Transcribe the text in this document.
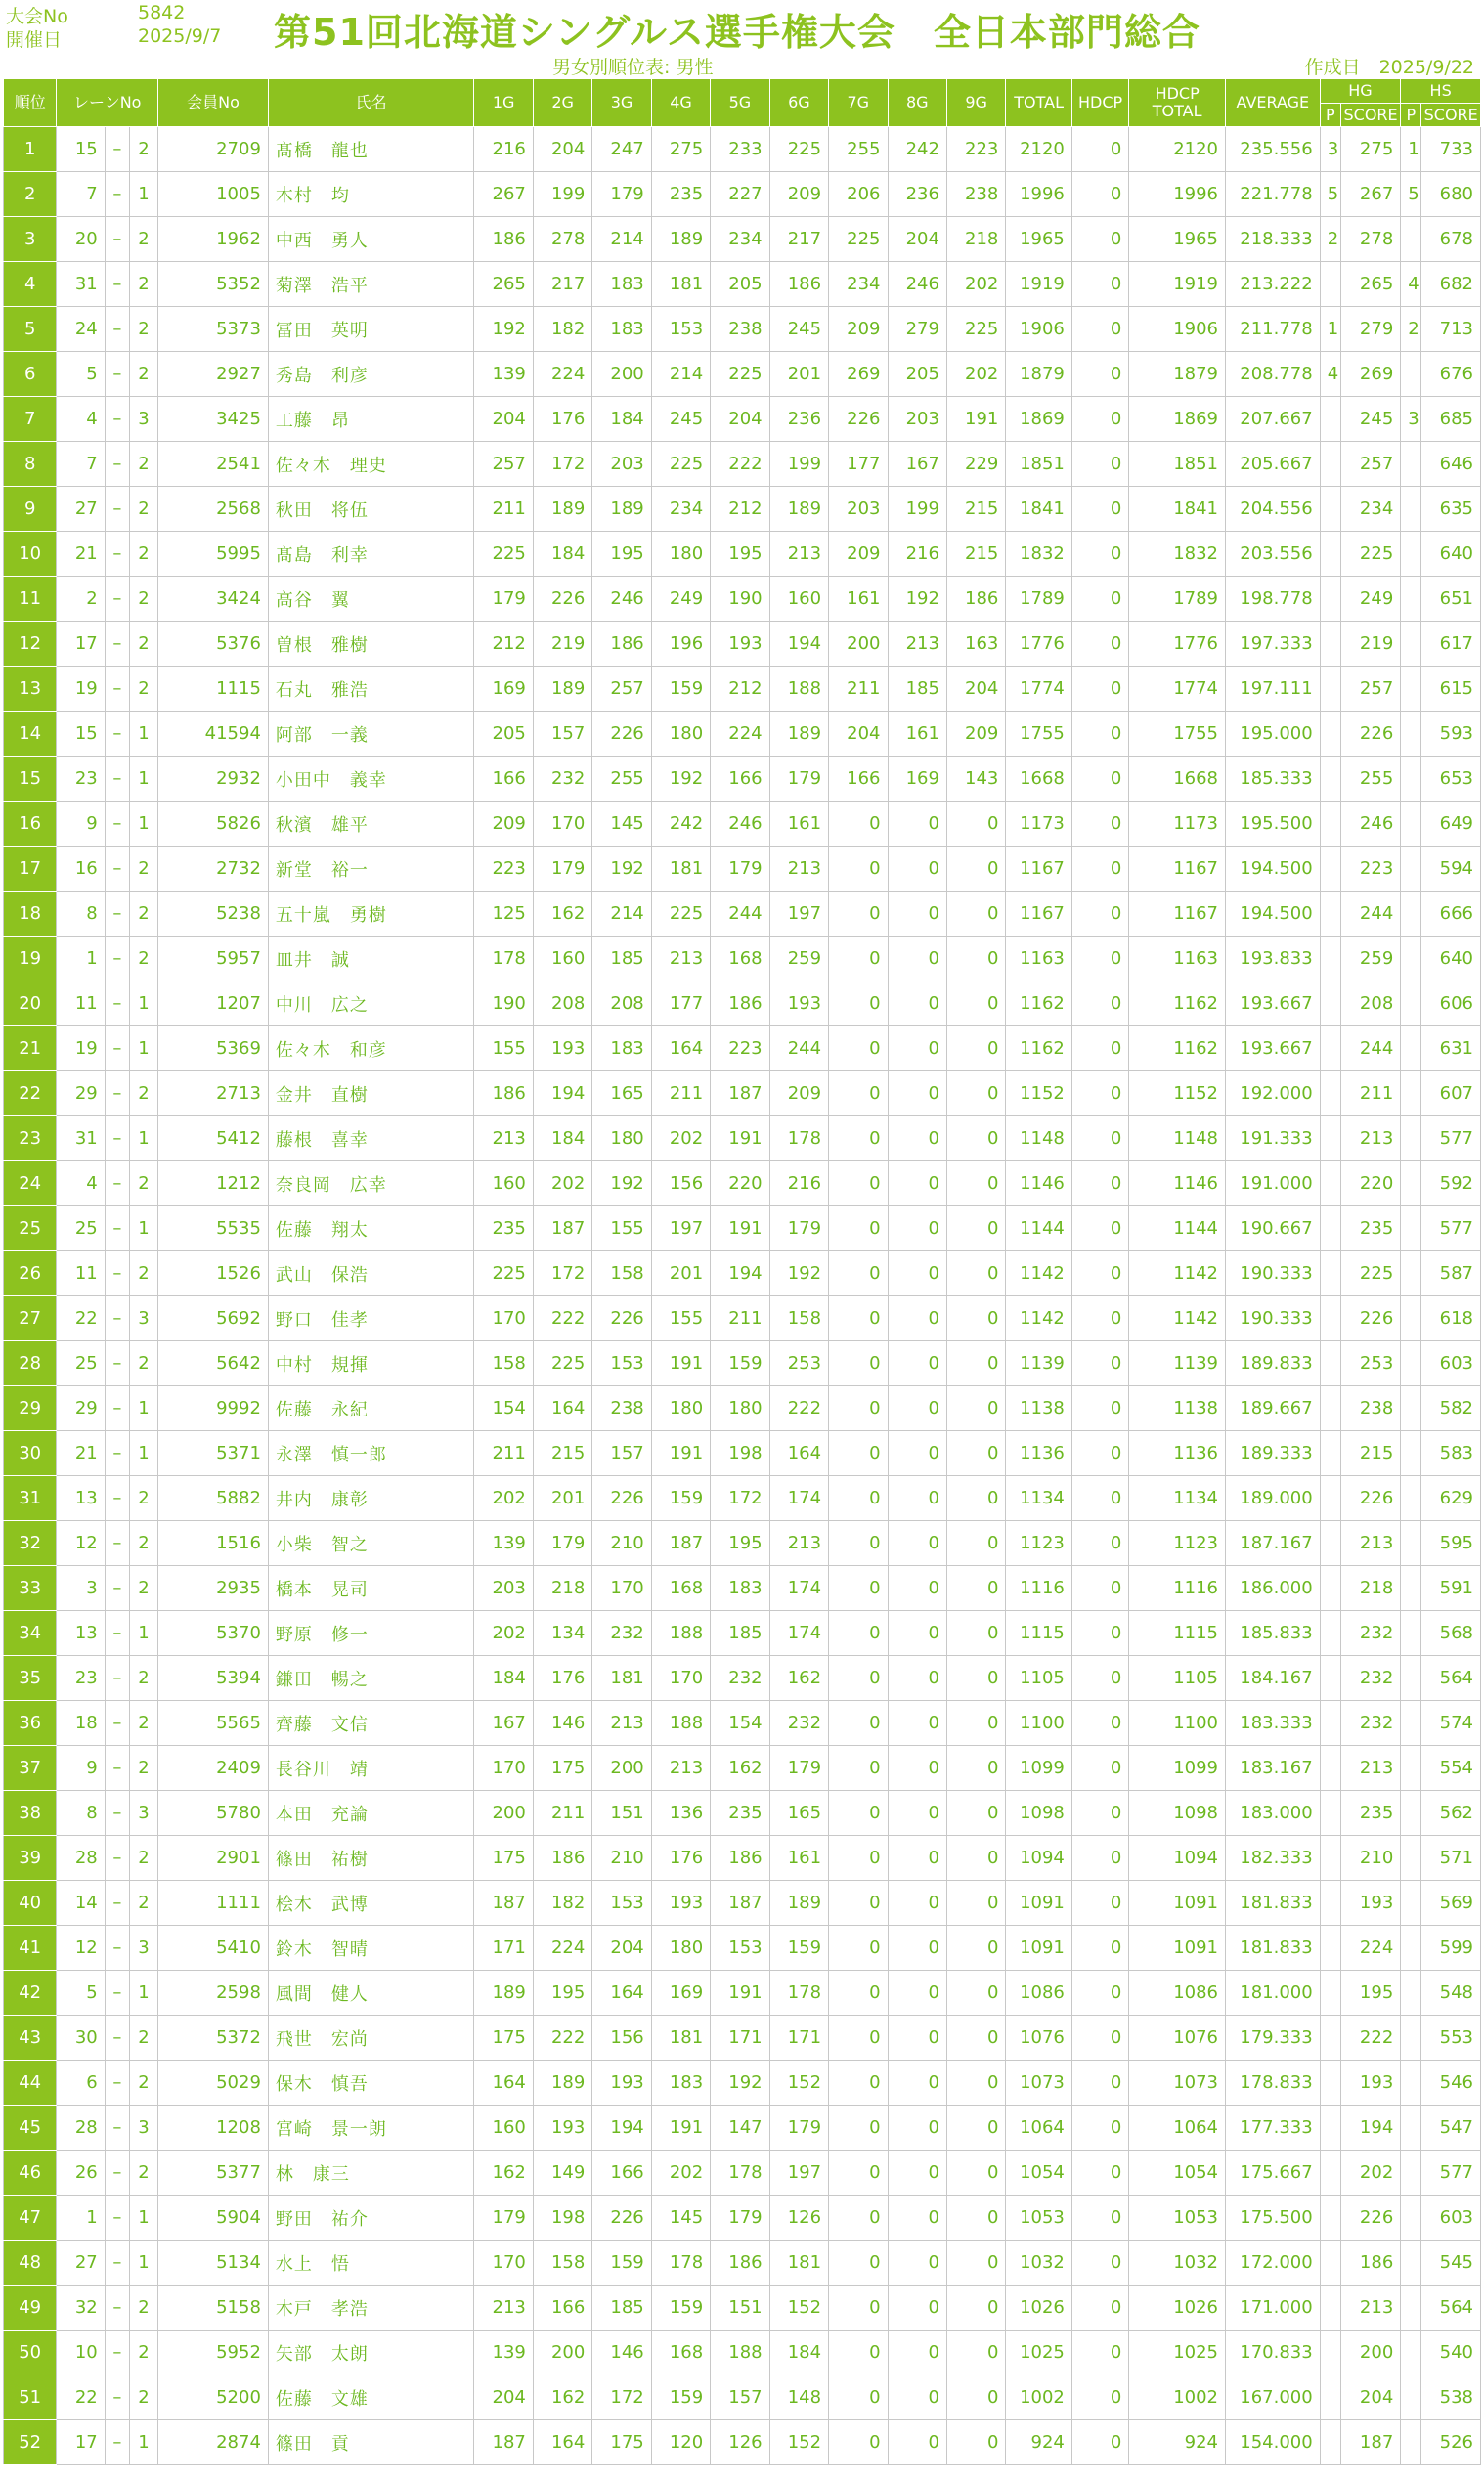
大会No	5842
開催日	2025/9/7 第51回北海道シングルス選手権大会　全日本部門総合
男女別順位表: 男性	作成日　2025/9/22
順位	レーンNo			会員No	氏名	1G	2G	3G	4G	5G	6G	7G	8G	9G	TOTAL	HDCP	HDCP
TOTAL	AVERAGE	HG		HS	
																			P	SCORE	P	SCORE
1	15	–	2	2709	髙橋　龍也	216	204	247	275	233	225	255	242	223	2120	0	2120	235.556	3	275	1	733
2	7	–	1	1005	木村　均	267	199	179	235	227	209	206	236	238	1996	0	1996	221.778	5	267	5	680
3	20	–	2	1962	中西　勇人	186	278	214	189	234	217	225	204	218	1965	0	1965	218.333	2	278		678
4	31	–	2	5352	菊澤　浩平	265	217	183	181	205	186	234	246	202	1919	0	1919	213.222		265	4	682
5	24	–	2	5373	冨田　英明	192	182	183	153	238	245	209	279	225	1906	0	1906	211.778	1	279	2	713
6	5	–	2	2927	秀島　利彦	139	224	200	214	225	201	269	205	202	1879	0	1879	208.778	4	269		676
7	4	–	3	3425	工藤　昂	204	176	184	245	204	236	226	203	191	1869	0	1869	207.667		245	3	685
8	7	–	2	2541	佐々木　理史	257	172	203	225	222	199	177	167	229	1851	0	1851	205.667		257		646
9	27	–	2	2568	秋田　将伍	211	189	189	234	212	189	203	199	215	1841	0	1841	204.556		234		635
10	21	–	2	5995	髙島　利幸	225	184	195	180	195	213	209	216	215	1832	0	1832	203.556		225		640
11	2	–	2	3424	高谷　翼	179	226	246	249	190	160	161	192	186	1789	0	1789	198.778		249		651
12	17	–	2	5376	曽根　雅樹	212	219	186	196	193	194	200	213	163	1776	0	1776	197.333		219		617
13	19	–	2	1115	石丸　雅浩	169	189	257	159	212	188	211	185	204	1774	0	1774	197.111		257		615
14	15	–	1	41594	阿部　一義	205	157	226	180	224	189	204	161	209	1755	0	1755	195.000		226		593
15	23	–	1	2932	小田中　義幸	166	232	255	192	166	179	166	169	143	1668	0	1668	185.333		255		653
16	9	–	1	5826	秋濱　雄平	209	170	145	242	246	161	0	0	0	1173	0	1173	195.500		246		649
17	16	–	2	2732	新堂　裕一	223	179	192	181	179	213	0	0	0	1167	0	1167	194.500		223		594
18	8	–	2	5238	五十嵐　勇樹	125	162	214	225	244	197	0	0	0	1167	0	1167	194.500		244		666
19	1	–	2	5957	皿井　誠	178	160	185	213	168	259	0	0	0	1163	0	1163	193.833		259		640
20	11	–	1	1207	中川　広之	190	208	208	177	186	193	0	0	0	1162	0	1162	193.667		208		606
21	19	–	1	5369	佐々木　和彦	155	193	183	164	223	244	0	0	0	1162	0	1162	193.667		244		631
22	29	–	2	2713	金井　直樹	186	194	165	211	187	209	0	0	0	1152	0	1152	192.000		211		607
23	31	–	1	5412	藤根　喜幸	213	184	180	202	191	178	0	0	0	1148	0	1148	191.333		213		577
24	4	–	2	1212	奈良岡　広幸	160	202	192	156	220	216	0	0	0	1146	0	1146	191.000		220		592
25	25	–	1	5535	佐藤　翔太	235	187	155	197	191	179	0	0	0	1144	0	1144	190.667		235		577
26	11	–	2	1526	武山　保浩	225	172	158	201	194	192	0	0	0	1142	0	1142	190.333		225		587
27	22	–	3	5692	野口　佳孝	170	222	226	155	211	158	0	0	0	1142	0	1142	190.333		226		618
28	25	–	2	5642	中村　規揮	158	225	153	191	159	253	0	0	0	1139	0	1139	189.833		253		603
29	29	–	1	9992	佐藤　永紀	154	164	238	180	180	222	0	0	0	1138	0	1138	189.667		238		582
30	21	–	1	5371	永澤　慎一郎	211	215	157	191	198	164	0	0	0	1136	0	1136	189.333		215		583
31	13	–	2	5882	井内　康彰	202	201	226	159	172	174	0	0	0	1134	0	1134	189.000		226		629
32	12	–	2	1516	小柴　智之	139	179	210	187	195	213	0	0	0	1123	0	1123	187.167		213		595
33	3	–	2	2935	橋本　晃司	203	218	170	168	183	174	0	0	0	1116	0	1116	186.000		218		591
34	13	–	1	5370	野原　修一	202	134	232	188	185	174	0	0	0	1115	0	1115	185.833		232		568
35	23	–	2	5394	鎌田　暢之	184	176	181	170	232	162	0	0	0	1105	0	1105	184.167		232		564
36	18	–	2	5565	齊藤　文信	167	146	213	188	154	232	0	0	0	1100	0	1100	183.333		232		574
37	9	–	2	2409	長谷川　靖	170	175	200	213	162	179	0	0	0	1099	0	1099	183.167		213		554
38	8	–	3	5780	本田　充論	200	211	151	136	235	165	0	0	0	1098	0	1098	183.000		235		562
39	28	–	2	2901	篠田　祐樹	175	186	210	176	186	161	0	0	0	1094	0	1094	182.333		210		571
40	14	–	2	1111	桧木　武博	187	182	153	193	187	189	0	0	0	1091	0	1091	181.833		193		569
41	12	–	3	5410	鈴木　智晴	171	224	204	180	153	159	0	0	0	1091	0	1091	181.833		224		599
42	5	–	1	2598	風間　健人	189	195	164	169	191	178	0	0	0	1086	0	1086	181.000		195		548
43	30	–	2	5372	飛世　宏尚	175	222	156	181	171	171	0	0	0	1076	0	1076	179.333		222		553
44	6	–	2	5029	保木　慎吾	164	189	193	183	192	152	0	0	0	1073	0	1073	178.833		193		546
45	28	–	3	1208	宮崎　景一朗	160	193	194	191	147	179	0	0	0	1064	0	1064	177.333		194		547
46	26	–	2	5377	林　康三	162	149	166	202	178	197	0	0	0	1054	0	1054	175.667		202		577
47	1	–	1	5904	野田　祐介	179	198	226	145	179	126	0	0	0	1053	0	1053	175.500		226		603
48	27	–	1	5134	水上　悟	170	158	159	178	186	181	0	0	0	1032	0	1032	172.000		186		545
49	32	–	2	5158	木戸　孝浩	213	166	185	159	151	152	0	0	0	1026	0	1026	171.000		213		564
50	10	–	2	5952	矢部　太朗	139	200	146	168	188	184	0	0	0	1025	0	1025	170.833		200		540
51	22	–	2	5200	佐藤　文雄	204	162	172	159	157	148	0	0	0	1002	0	1002	167.000		204		538
52	17	–	1	2874	篠田　貢	187	164	175	120	126	152	0	0	0	924	0	924	154.000		187		526
